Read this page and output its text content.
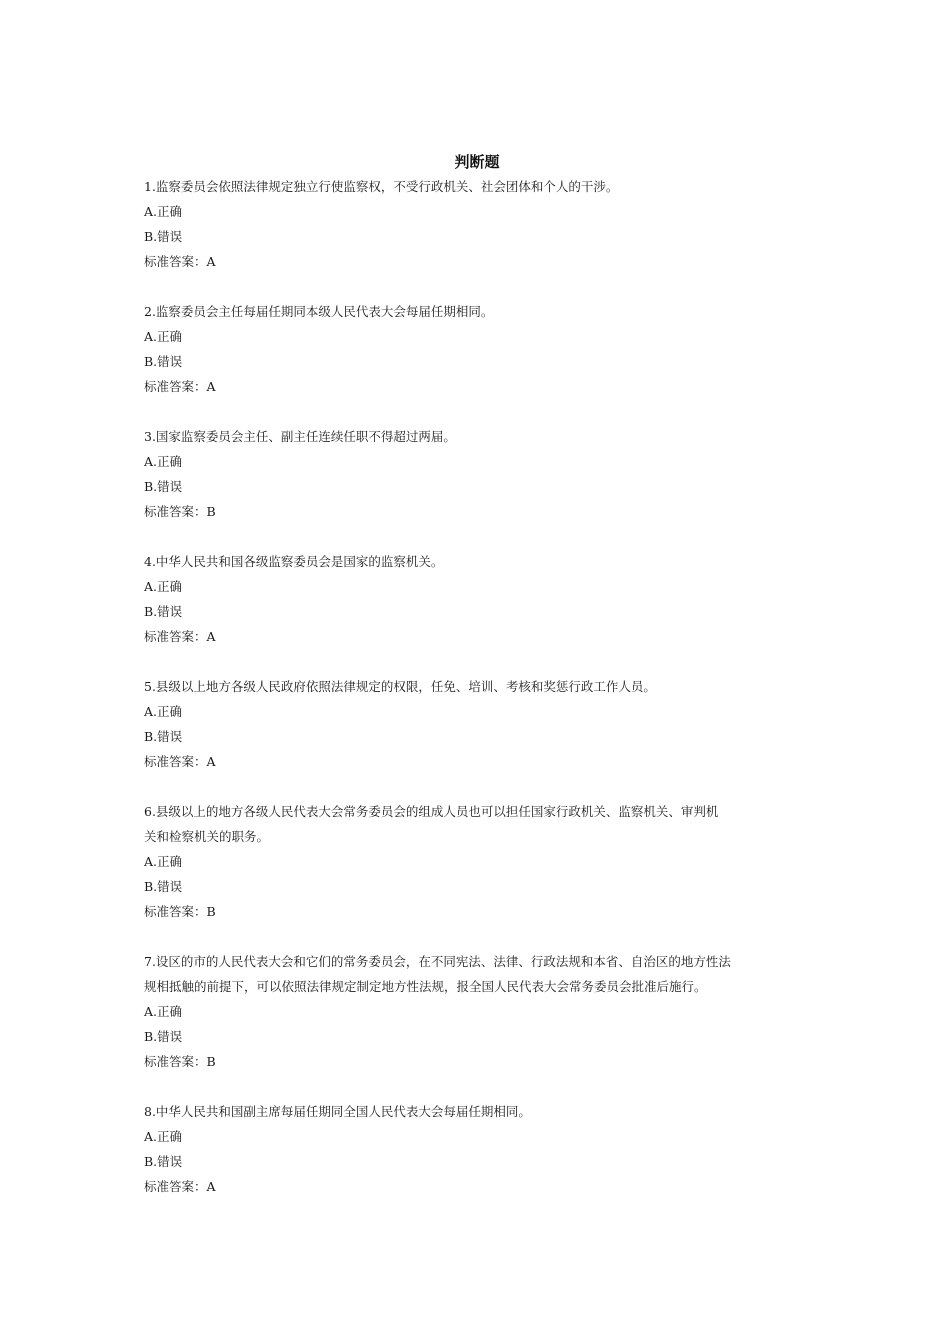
判断题

1.监察委员会依照法律规定独立行使监察权，不受行政机关、社会团体和个人的干涉。

A.正确

B.错误

标准答案：A

2.监察委员会主任每届任期同本级人民代表大会每届任期相同。

A.正确

B.错误

标准答案：A

3.国家监察委员会主任、副主任连续任职不得超过两届。

A.正确

B.错误

标准答案：B

4.中华人民共和国各级监察委员会是国家的监察机关。

A.正确

B.错误

标准答案：A

5.县级以上地方各级人民政府依照法律规定的权限，任免、培训、考核和奖惩行政工作人员。

A.正确

B.错误

标准答案：A

6.县级以上的地方各级人民代表大会常务委员会的组成人员也可以担任国家行政机关、监察机关、审判机

关和检察机关的职务。

A.正确

B.错误

标准答案：B

7.设区的市的人民代表大会和它们的常务委员会，在不同宪法、法律、行政法规和本省、自治区的地方性法

规相抵触的前提下，可以依照法律规定制定地方性法规，报全国人民代表大会常务委员会批准后施行。

A.正确

B.错误

标准答案：B

8.中华人民共和国副主席每届任期同全国人民代表大会每届任期相同。

A.正确

B.错误

标准答案：A
